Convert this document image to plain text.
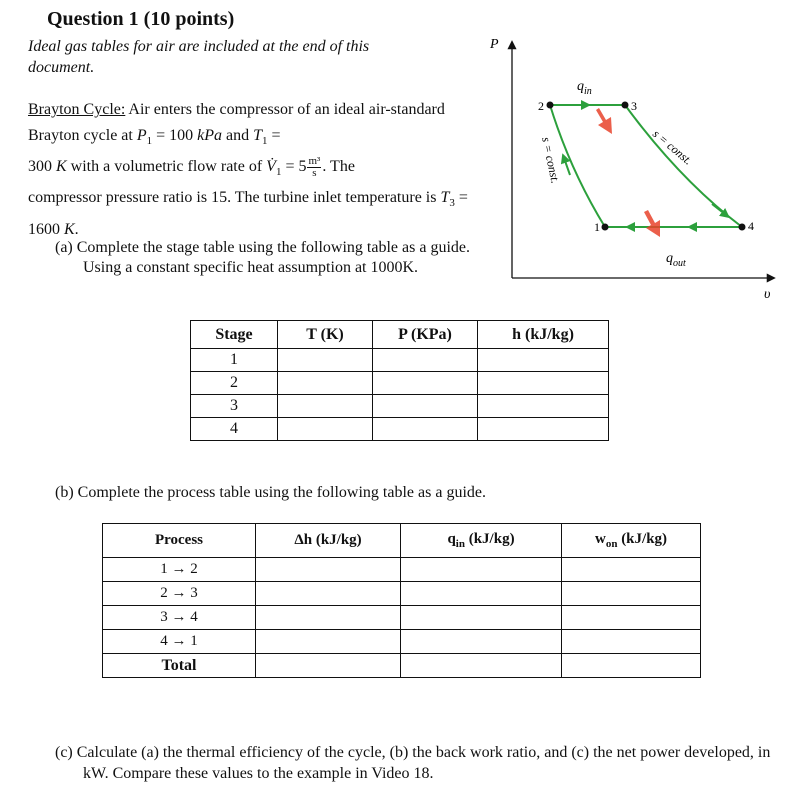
Question 1 (10 points)
Ideal gas tables for air are included at the end of this document.
Brayton Cycle: Air enters the compressor of an ideal air-standard Brayton cycle at $P_1 = 100$ kPa and $T_1$ =
300 K with a volumetric flow rate of $V̇_1 = 5 \frac{\text{m³}}{s}$ . The
compressor pressure ratio is 15. The turbine inlet temperature is $T_3 = 1600$ K.
(a) Complete the stage table using the following table as a guide. Using a constant specific heat assumption at 1000K.
Stage	T (K)	P (KPa)	h (kJ/kg)
1			
2			
3			
4			
(b) Complete the process table using the following table as a guide.
Process	Δh (kJ/kg)	$q_{in}$ (kJ/kg)	$w_{on}$ (kJ/kg)
1 → 2			
2 → 3			
3 → 4			
4 → 1			
Total			
(c) Calculate (a) the thermal efficiency of the cycle, (b) the back work ratio, and (c) the net power developed, in kW. Compare these values to the example in Video 18.
P
υ
2	3
4
1
$q_{in}$
$q_{out}$
s = const.	s = const.
